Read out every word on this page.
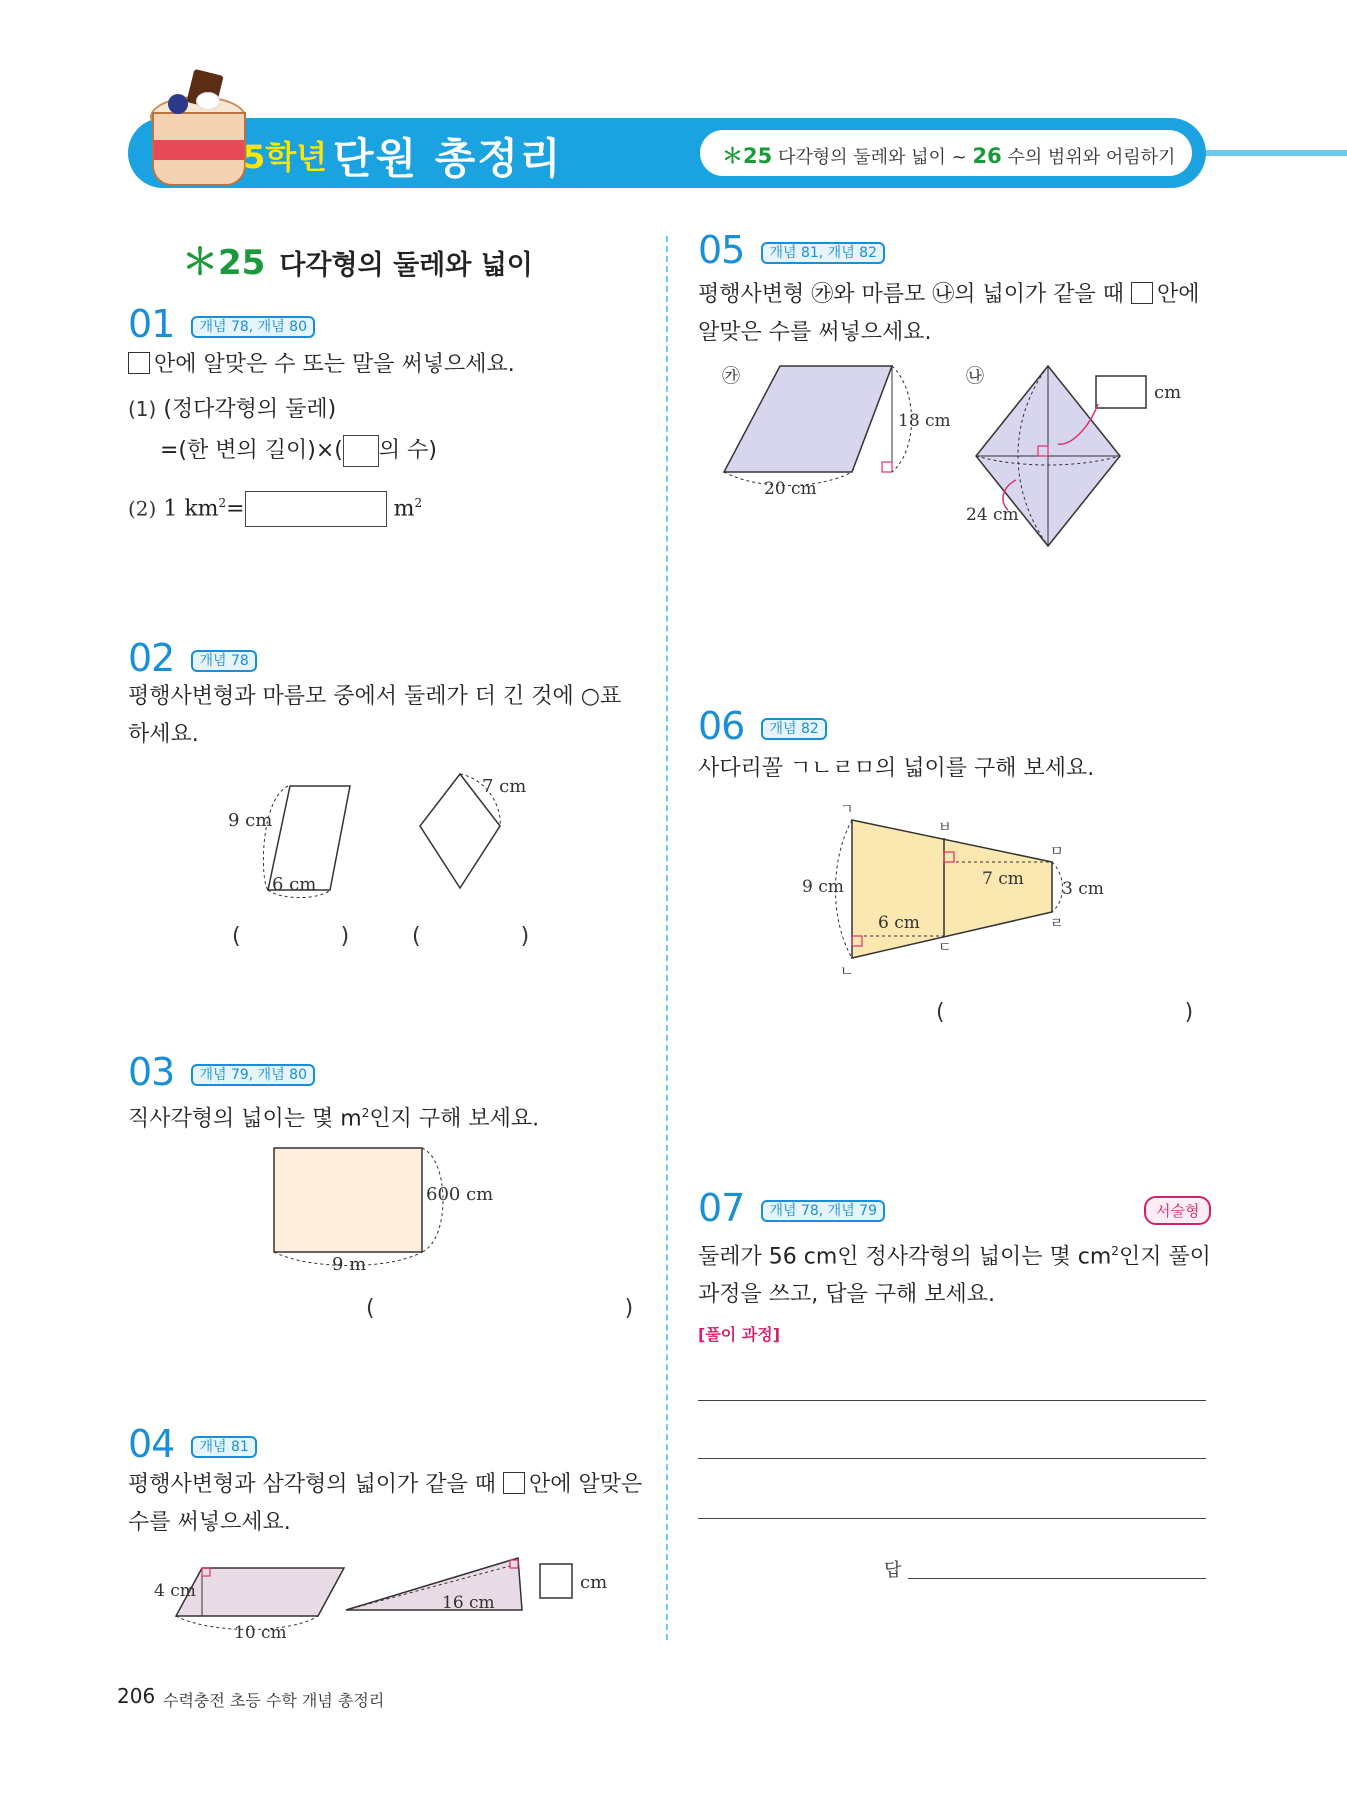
5학년 단원 총정리	＊25 다각형의 둘레와 넓이 ~ 26 수의 범위와 어림하기
＊25 다각형의 둘레와 넓이
01 개념 78, 개념 80
안에 알맞은 수 또는 말을 써넣으세요.
(1) (정다각형의 둘레)
=(한 변의 길이)×( 의 수)
(2) 1 $km^2=$	$m^2$
02 개념 78
평행사변형과 마름모 중에서 둘레가 더 긴 것에 ○표
하세요.
9 cm
6 cm
7 cm
(	)	(	)
03 개념 79, 개념 80
직사각형의 넓이는 몇 $m^2$인지 구해 보세요.
600 cm
9 m
(	)
04 개념 81
평행사변형과 삼각형의 넓이가 같을 때 안에 알맞은
수를 써넣으세요.
4 cm
10 cm
16 cm
cm
05 개념 81, 개념 82
평행사변형 ㉮와 마름모 ㉯의 넓이가 같을 때 안에
알맞은 수를 써넣으세요.
㉮
18 cm
20 cm
㉯
cm
24 cm
06 개념 82
사다리꼴 ㄱㄴㄹㅁ의 넓이를 구해 보세요.
ㄱ
ㄴ
ㅂ
ㅁ
ㄹ
ㄷ
9 cm	3 cm
7 cm
6 cm
(	)
07 개념 78, 개념 79	서술형
둘레가 56 cm인 정사각형의 넓이는 몇 $cm^2$인지 풀이
과정을 쓰고, 답을 구해 보세요.
[풀이 과정]
답
206 수력충전 초등 수학 개념 총정리
